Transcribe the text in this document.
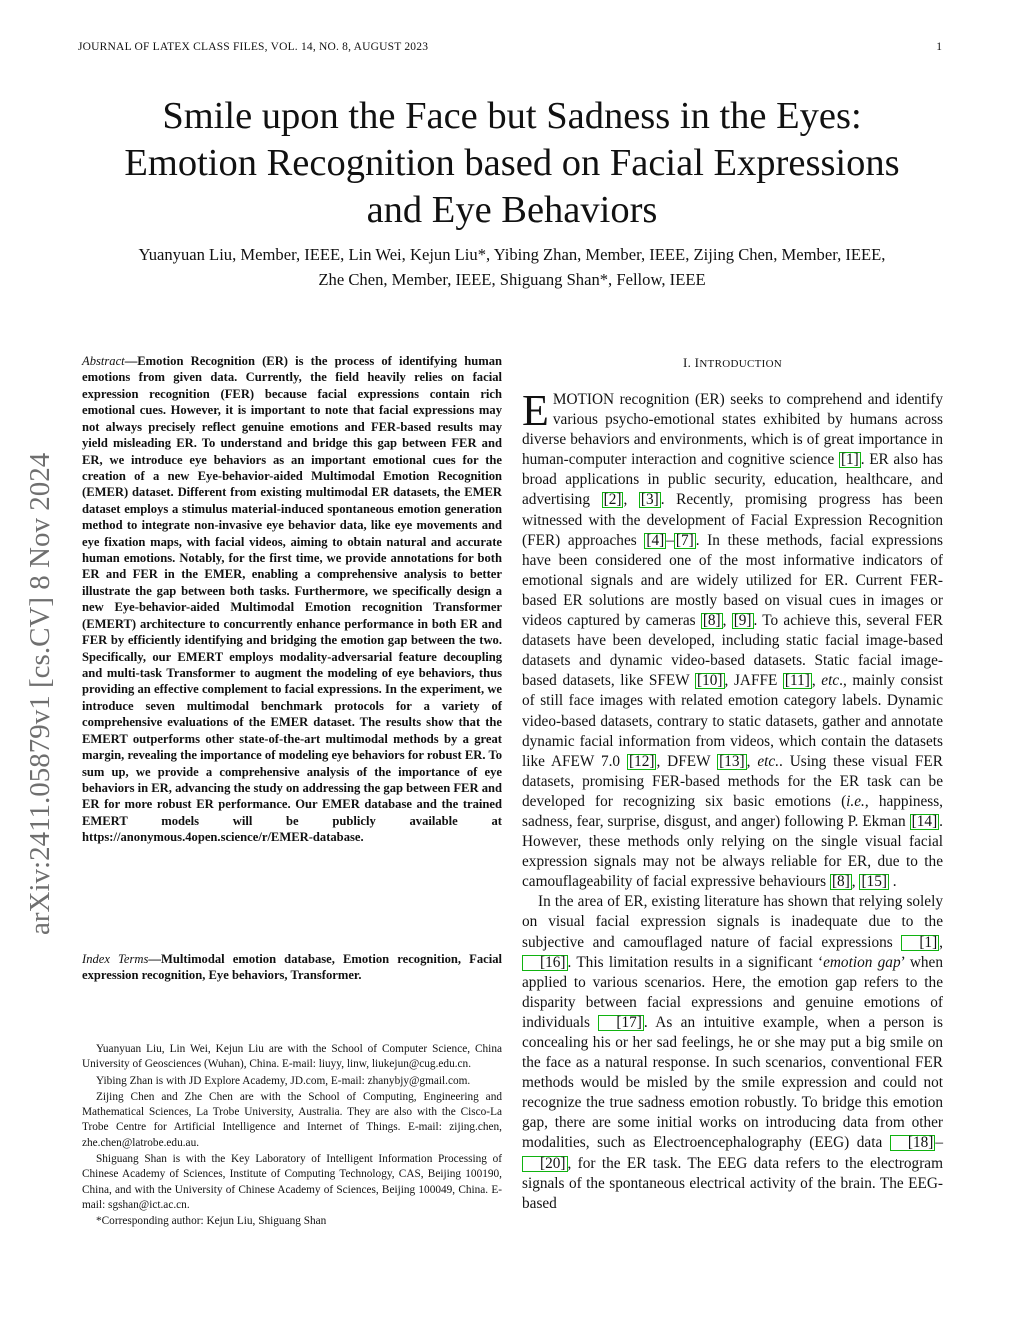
JOURNAL OF LATEX CLASS FILES, VOL. 14, NO. 8, AUGUST 2023	1
arXiv:2411.05879v1 [cs.CV] 8 Nov 2024
Smile upon the Face but Sadness in the Eyes:
Emotion Recognition based on Facial Expressions
and Eye Behaviors
Yuanyuan Liu, Member, IEEE, Lin Wei, Kejun Liu*, Yibing Zhan, Member, IEEE, Zijing Chen, Member, IEEE,
Zhe Chen, Member, IEEE, Shiguang Shan*, Fellow, IEEE
Abstract—Emotion Recognition (ER) is the process of identifying human emotions from given data. Currently, the field heavily relies on facial expression recognition (FER) because facial expressions contain rich emotional cues. However, it is important to note that facial expressions may not always precisely reflect genuine emotions and FER-based results may yield misleading ER. To understand and bridge this gap between FER and ER, we introduce eye behaviors as an important emotional cues for the creation of a new Eye-behavior-aided Multimodal Emotion Recognition (EMER) dataset. Different from existing multimodal ER datasets, the EMER dataset employs a stimulus material-induced spontaneous emotion generation method to integrate non-invasive eye behavior data, like eye movements and eye fixation maps, with facial videos, aiming to obtain natural and accurate human emotions. Notably, for the first time, we provide annotations for both ER and FER in the EMER, enabling a comprehensive analysis to better illustrate the gap between both tasks. Furthermore, we specifically design a new Eye-behavior-aided Multimodal Emotion recognition Transformer (EMERT) architecture to concurrently enhance performance in both ER and FER by efficiently identifying and bridging the emotion gap between the two. Specifically, our EMERT employs modality-adversarial feature decoupling and multi-task Transformer to augment the modeling of eye behaviors, thus providing an effective complement to facial expressions. In the experiment, we introduce seven multimodal benchmark protocols for a variety of comprehensive evaluations of the EMER dataset. The results show that the EMERT outperforms other state-of-the-art multimodal methods by a great margin, revealing the importance of modeling eye behaviors for robust ER. To sum up, we provide a comprehensive analysis of the importance of eye behaviors in ER, advancing the study on addressing the gap between FER and ER for more robust ER performance. Our EMER database and the trained EMERT models will be publicly available at https://anonymous.4open.science/r/EMER-database.
Index Terms—Multimodal emotion database, Emotion recognition, Facial expression recognition, Eye behaviors, Transformer.

Yuanyuan Liu, Lin Wei, Kejun Liu are with the School of Computer Science, China University of Geosciences (Wuhan), China. E-mail: liuyy, linw, liukejun@cug.edu.cn.

Yibing Zhan is with JD Explore Academy, JD.com, E-mail: zhanybjy@gmail.com.

Zijing Chen and Zhe Chen are with the School of Computing, Engineering and Mathematical Sciences, La Trobe University, Australia. They are also with the Cisco-La Trobe Centre for Artificial Intelligence and Internet of Things. E-mail: zijing.chen, zhe.chen@latrobe.edu.au.

Shiguang Shan is with the Key Laboratory of Intelligent Information Processing of Chinese Academy of Sciences, Institute of Computing Technology, CAS, Beijing 100190, China, and with the University of Chinese Academy of Sciences, Beijing 100049, China. E-mail: sgshan@ict.ac.cn.

*Corresponding author: Kejun Liu, Shiguang Shan

I. INTRODUCTION

EMOTION recognition (ER) seeks to comprehend and identify various psycho-emotional states exhibited by humans across diverse behaviors and environments, which is of great importance in human-computer interaction and cognitive science [1] . ER also has broad applications in public security, education, healthcare, and advertising [2] , [3] . Recently, promising progress has been witnessed with the development of Facial Expression Recognition (FER) approaches [4] – [7] . In these methods, facial expressions have been considered one of the most informative indicators of emotional signals and are widely utilized for ER. Current FER-based ER solutions are mostly based on visual cues in images or videos captured by cameras [8] , [9] . To achieve this, several FER datasets have been developed, including static facial image-based datasets and dynamic video-based datasets. Static facial image-based datasets, like SFEW [10] , JAFFE [11] , etc., mainly consist of still face images with related emotion category labels. Dynamic video-based datasets, contrary to static datasets, gather and annotate dynamic facial information from videos, which contain the datasets like AFEW 7.0 [12] , DFEW [13] , etc.. Using these visual FER datasets, promising FER-based methods for the ER task can be developed for recognizing six basic emotions (i.e., happiness, sadness, fear, surprise, disgust, and anger) following P. Ekman [14] . However, these methods only relying on the single visual facial expression signals may not be always reliable for ER, due to the camouflageability of facial expressive behaviours [8] , [15] .

In the area of ER, existing literature has shown that relying solely on visual facial expression signals is inadequate due to the subjective and camouflaged nature of facial expressions [1] , [16] . This limitation results in a significant ‘emotion gap’ when applied to various scenarios. Here, the emotion gap refers to the disparity between facial expressions and genuine emotions of individuals [17] . As an intuitive example, when a person is concealing his or her sad feelings, he or she may put a big smile on the face as a natural response. In such scenarios, conventional FER methods would be misled by the smile expression and could not recognize the true sadness emotion robustly. To bridge this emotion gap, there are some initial works on introducing data from other modalities, such as Electroencephalography (EEG) data [18] –[20] , for the ER task. The EEG data refers to the electrogram signals of the spontaneous electrical activity of the brain. The EEG-based
